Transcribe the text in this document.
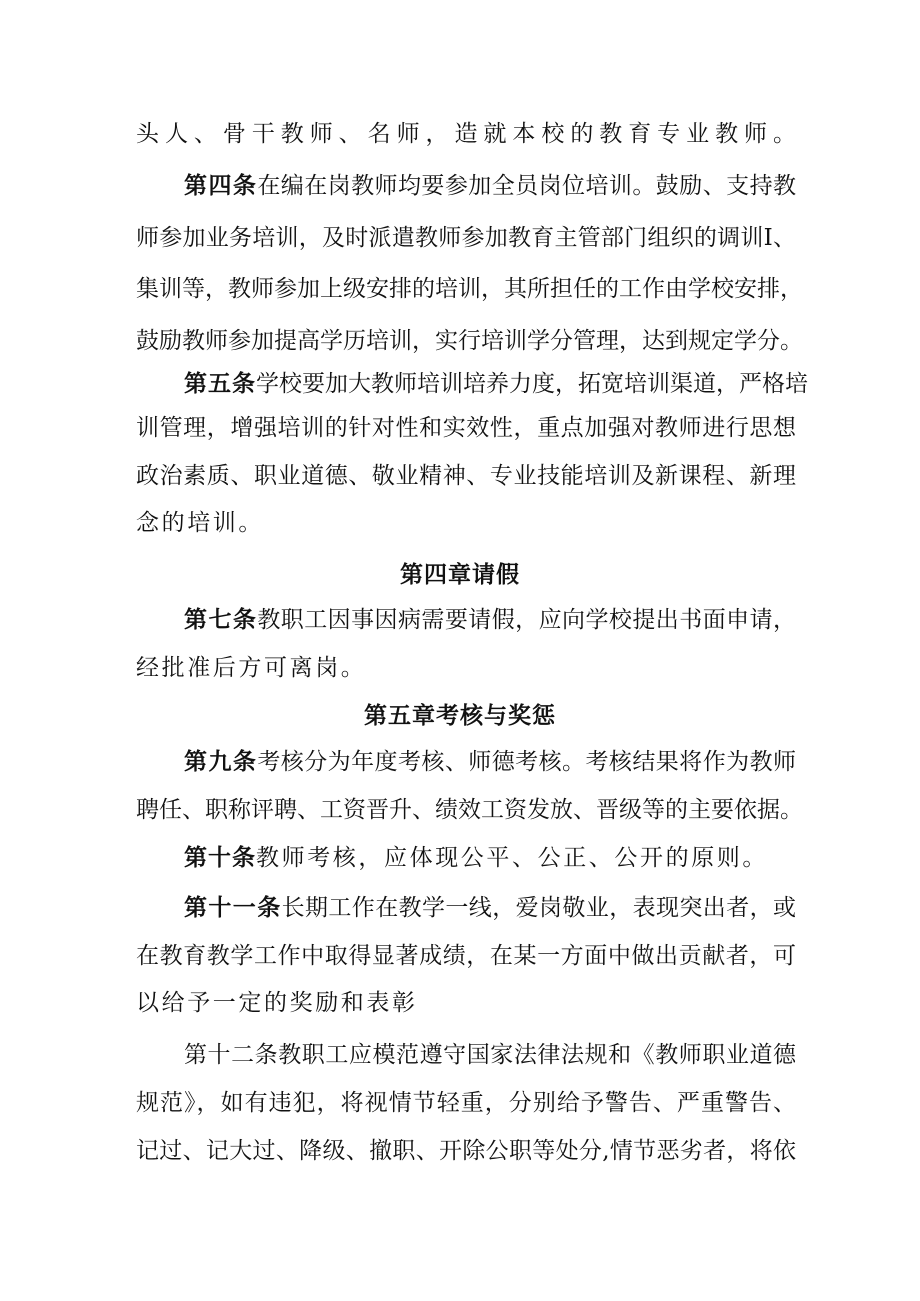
头人、骨干教师、名师，造就本校的教育专业教师。
第四条在编在岗教师均要参加全员岗位培训。鼓励、支持教
师参加业务培训，及时派遣教师参加教育主管部门组织的调训Ⅰ、
集训等，教师参加上级安排的培训，其所担任的工作由学校安排，
鼓励教师参加提高学历培训，实行培训学分管理，达到规定学分。
第五条学校要加大教师培训培养力度，拓宽培训渠道，严格培
训管理，增强培训的针对性和实效性，重点加强对教师进行思想
政治素质、职业道德、敬业精神、专业技能培训及新课程、新理
念的培训。
第四章请假
第七条教职工因事因病需要请假，应向学校提出书面申请，
经批准后方可离岗。
第五章考核与奖惩
第九条考核分为年度考核、师德考核。考核结果将作为教师
聘任、职称评聘、工资晋升、绩效工资发放、晋级等的主要依据。
第十条教师考核，应体现公平、公正、公开的原则。
第十一条长期工作在教学一线，爱岗敬业，表现突出者，或
在教育教学工作中取得显著成绩，在某一方面中做出贡献者，可
以给予一定的奖励和表彰
第十二条教职工应模范遵守国家法律法规和《教师职业道德
规范》，如有违犯，将视情节轻重，分别给予警告、严重警告、
记过、记大过、降级、撤职、开除公职等处分,情节恶劣者，将依
